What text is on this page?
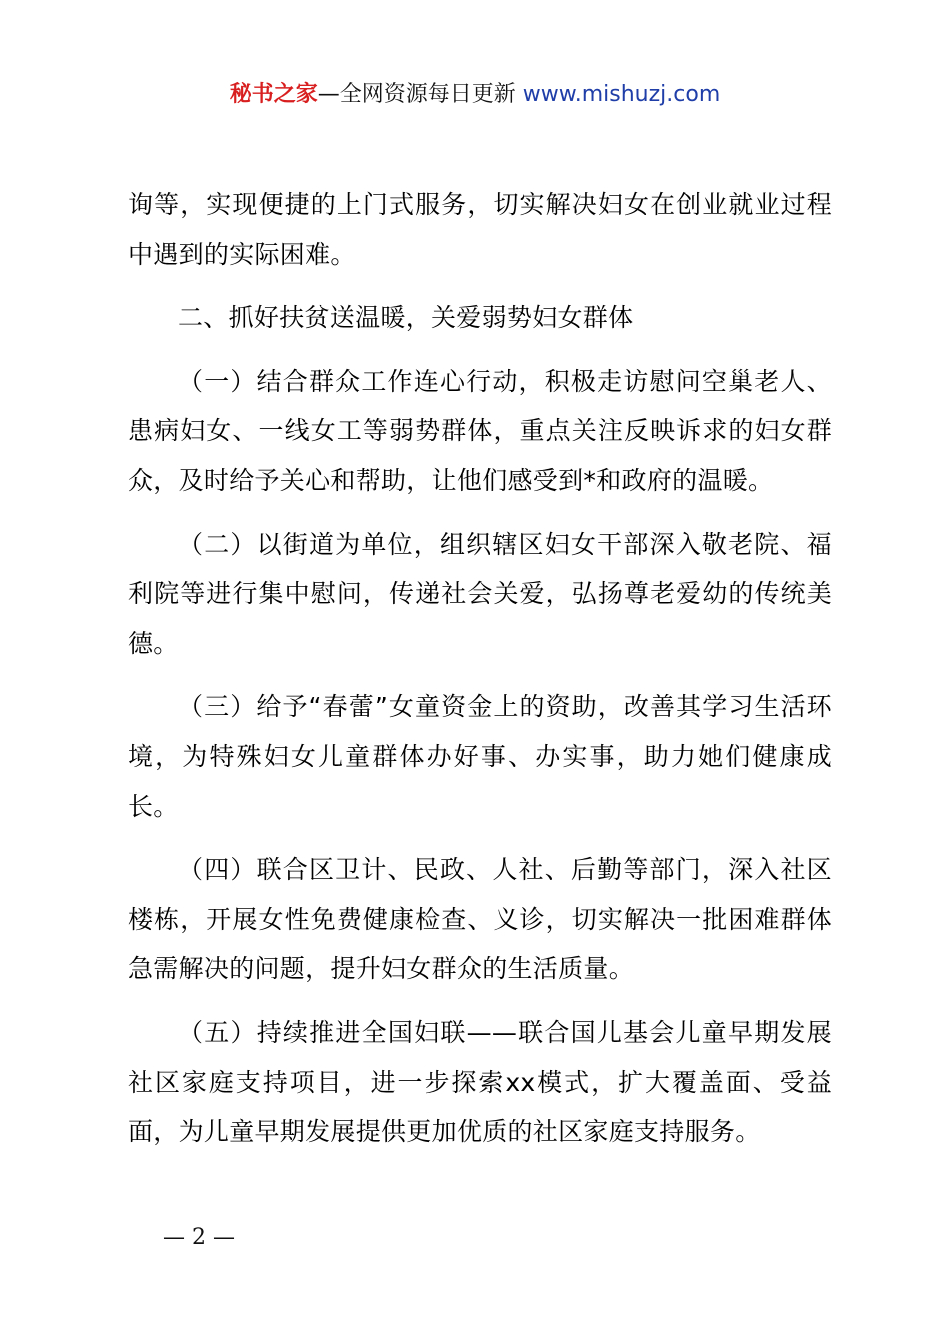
秘书之家—全网资源每日更新 www.mishuzj.com

询等，实现便捷的上门式服务，切实解决妇女在创业就业过程中遇到的实际困难。

二、抓好扶贫送温暖，关爱弱势妇女群体

（一）结合群众工作连心行动，积极走访慰问空巢老人、患病妇女、一线女工等弱势群体，重点关注反映诉求的妇女群众，及时给予关心和帮助，让他们感受到*和政府的温暖。

（二）以街道为单位，组织辖区妇女干部深入敬老院、福利院等进行集中慰问，传递社会关爱，弘扬尊老爱幼的传统美德。

（三）给予“春蕾”女童资金上的资助，改善其学习生活环境，为特殊妇女儿童群体办好事、办实事，助力她们健康成长。

（四）联合区卫计、民政、人社、后勤等部门，深入社区楼栋，开展女性免费健康检查、义诊，切实解决一批困难群体急需解决的问题，提升妇女群众的生活质量。

（五）持续推进全国妇联——联合国儿基会儿童早期发展社区家庭支持项目，进一步探索xx模式，扩大覆盖面、受益面，为儿童早期发展提供更加优质的社区家庭支持服务。

— 2 —
